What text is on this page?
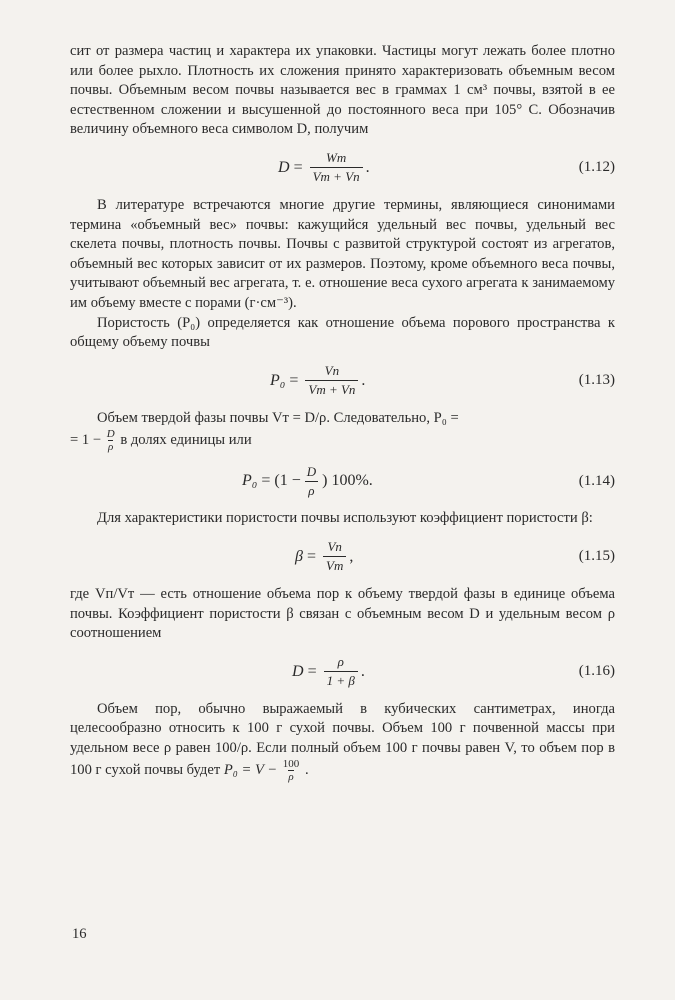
сит от размера частиц и характера их упаковки. Частицы могут лежать более плотно или более рыхло. Плотность их сложения принято характеризовать объемным весом почвы. Объемным весом почвы называется вес в граммах 1 см³ почвы, взятой в ее естественном сложении и высушенной до постоянного веса при 105° С. Обозначив величину объемного веса символом D, получим

$D = \frac{Wт}{Vт + Vп}$ .	(1.12)

В литературе встречаются многие другие термины, являющиеся синонимами термина «объемный вес» почвы: кажущийся удельный вес почвы, удельный вес скелета почвы, плотность почвы. Почвы с развитой структурой состоят из агрегатов, объемный вес которых зависит от их размеров. Поэтому, кроме объемного веса почвы, учитывают объемный вес агрегата, т. е. отношение веса сухого агрегата к занимаемому им объему вместе с порами (г·см⁻³).

Пористость (P₀) определяется как отношение объема порового пространства к общему объему почвы

$P_0 = \frac{Vп}{Vт + Vп}$ .	(1.13)

Объем твердой фазы почвы Vт = D/ρ. Следовательно, P₀ =

= $1 - \frac{D}{\rho}$ в долях единицы или

$P_0 = (1 - \frac{D}{\rho}$ ) 100%.	(1.14)

Для характеристики пористости почвы используют коэффициент пористости β:

$\beta = \frac{Vп}{Vт}$ ,	(1.15)

где Vп/Vт — есть отношение объема пор к объему твердой фазы в единице объема почвы. Коэффициент пористости β связан с объемным весом D и удельным весом ρ соотношением

$D = \frac{\rho}{1 + \beta}$ .	(1.16)

Объем пор, обычно выражаемый в кубических сантиметрах, иногда целесообразно относить к 100 г сухой почвы. Объем 100 г почвенной массы при удельном весе ρ равен 100/ρ. Если полный объем 100 г почвы равен V, то объем пор в 100 г сухой почвы будет $P_0 = V - \frac{100}{\rho}$ .

16
